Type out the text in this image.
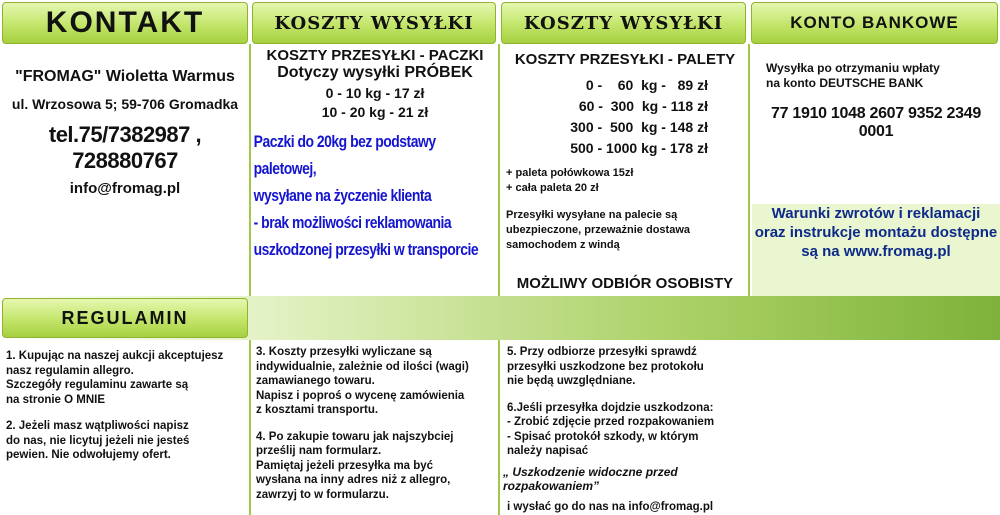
KONTAKT	KOSZTY WYSYŁKI	KOSZTY WYSYŁKI	KONTO BANKOWE
"FROMAG" Wioletta Warmus
ul. Wrzosowa 5; 59-706 Gromadka
tel.75/7382987 , 728880767
info@fromag.pl
KOSZTY PRZESYŁKI - PACZKI
Dotyczy wysyłki PRÓBEK
0 - 10 kg - 17 zł
10 - 20 kg - 21 zł
Paczki do 20kg bez podstawy paletowej,
wysyłane na życzenie klienta
- brak możliwości reklamowania
uszkodzonej przesyłki w transporcie
KOSZTY PRZESYŁKI - PALETY
0 -    60  kg -   89 zł
60 -  300  kg - 118 zł
300 -  500  kg - 148 zł
500 - 1000 kg - 178 zł
+ paleta połówkowa 15zł
+ cała paleta 20 zł
Przesyłki wysyłane na palecie są
ubezpieczone, przeważnie dostawa
samochodem z windą
MOŻLIWY ODBIÓR OSOBISTY
Wysyłka po otrzymaniu wpłaty
na konto DEUTSCHE BANK
77 1910 1048 2607 9352 2349 0001
Warunki zwrotów i reklamacji
oraz instrukcje montażu dostępne
są na www.fromag.pl
REGULAMIN
1. Kupując na naszej aukcji akceptujesz
nasz regulamin allegro.
Szczegóły regulaminu zawarte są
na stronie O MNIE
2. Jeżeli masz wątpliwości napisz
do nas, nie licytuj jeżeli nie jesteś
pewien. Nie odwołujemy ofert.
3. Koszty przesyłki wyliczane są
indywidualnie, zależnie od ilości (wagi)
zamawianego towaru.
Napisz i poproś o wycenę zamówienia
z kosztami transportu.
4. Po zakupie towaru jak najszybciej
prześlij nam formularz.
Pamiętaj jeżeli przesyłka ma być
wysłana na inny adres niż z allegro,
zawrzyj to w formularzu.
5. Przy odbiorze przesyłki sprawdź
przesyłki uszkodzone bez protokołu
nie będą uwzględniane.
6.Jeśli przesyłka dojdzie uszkodzona:
- Zrobić zdjęcie przed rozpakowaniem
- Spisać protokół szkody, w którym
należy napisać
„ Uszkodzenie widoczne przed rozpakowaniem”
i wysłać go do nas na info@fromag.pl
